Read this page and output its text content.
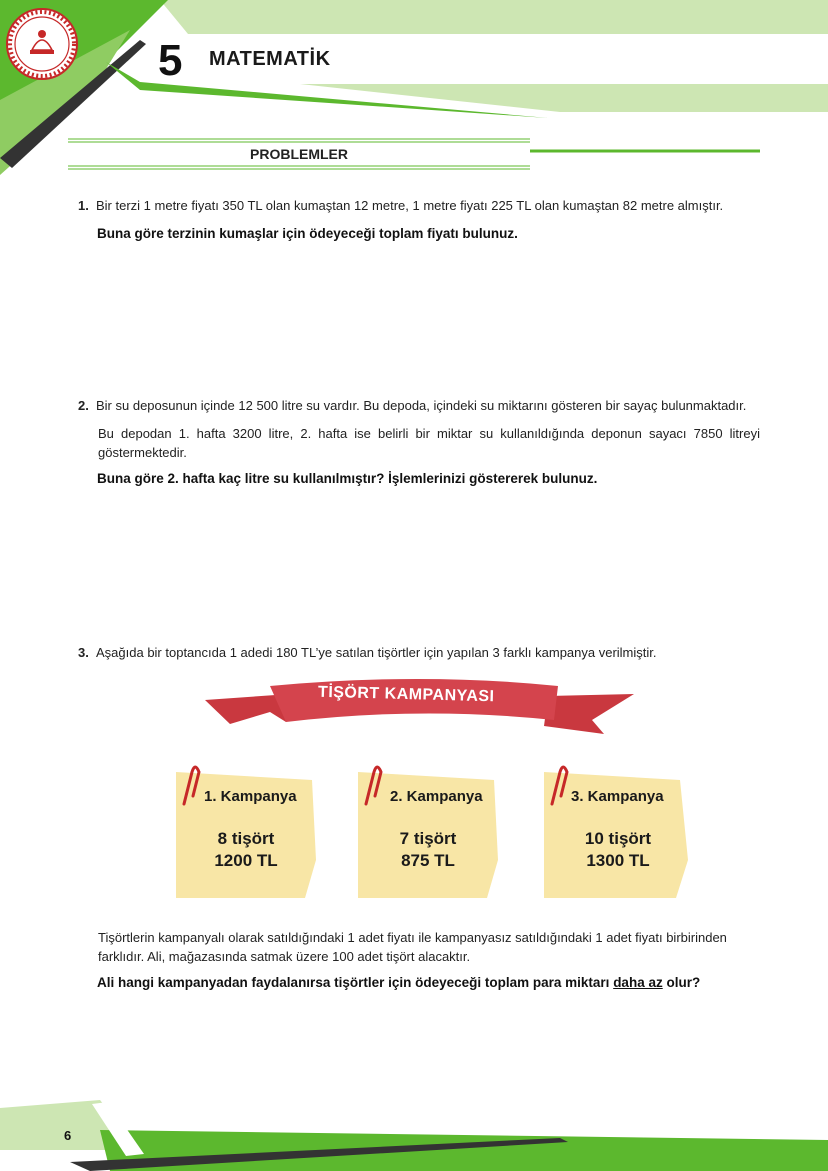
5 MATEMATİK
PROBLEMLER
1. Bir terzi 1 metre fiyatı 350 TL olan kumaştan 12 metre, 1 metre fiyatı 225 TL olan kumaştan 82 metre almıştır.
Buna göre terzinin kumaşlar için ödeyeceği toplam fiyatı bulunuz.
2. Bir su deposunun içinde 12 500 litre su vardır. Bu depoda, içindeki su miktarını gösteren bir sayaç bulunmaktadır.
Bu depodan 1. hafta 3200 litre, 2. hafta ise belirli bir miktar su kullanıldığında deponun sayacı 7850 litreyi göstermektedir.
Buna göre 2. hafta kaç litre su kullanılmıştır? İşlemlerinizi göstererek bulunuz.
3. Aşağıda bir toptancıda 1 adedi 180 TL’ye satılan tişörtler için yapılan 3 farklı kampanya verilmiştir.
TİŞÖRT KAMPANYASI
1. Kampanya
8 tişört
1200 TL
2. Kampanya
7 tişört
875 TL
3. Kampanya
10 tişört
1300 TL
Tişörtlerin kampanyalı olarak satıldığındaki 1 adet fiyatı ile kampanyasız satıldığındaki 1 adet fiyatı birbirinden farklıdır. Ali, mağazasında satmak üzere 100 adet tişört alacaktır.
Ali hangi kampanyadan faydalanırsa tişörtler için ödeyeceği toplam para miktarı daha az olur?
6
